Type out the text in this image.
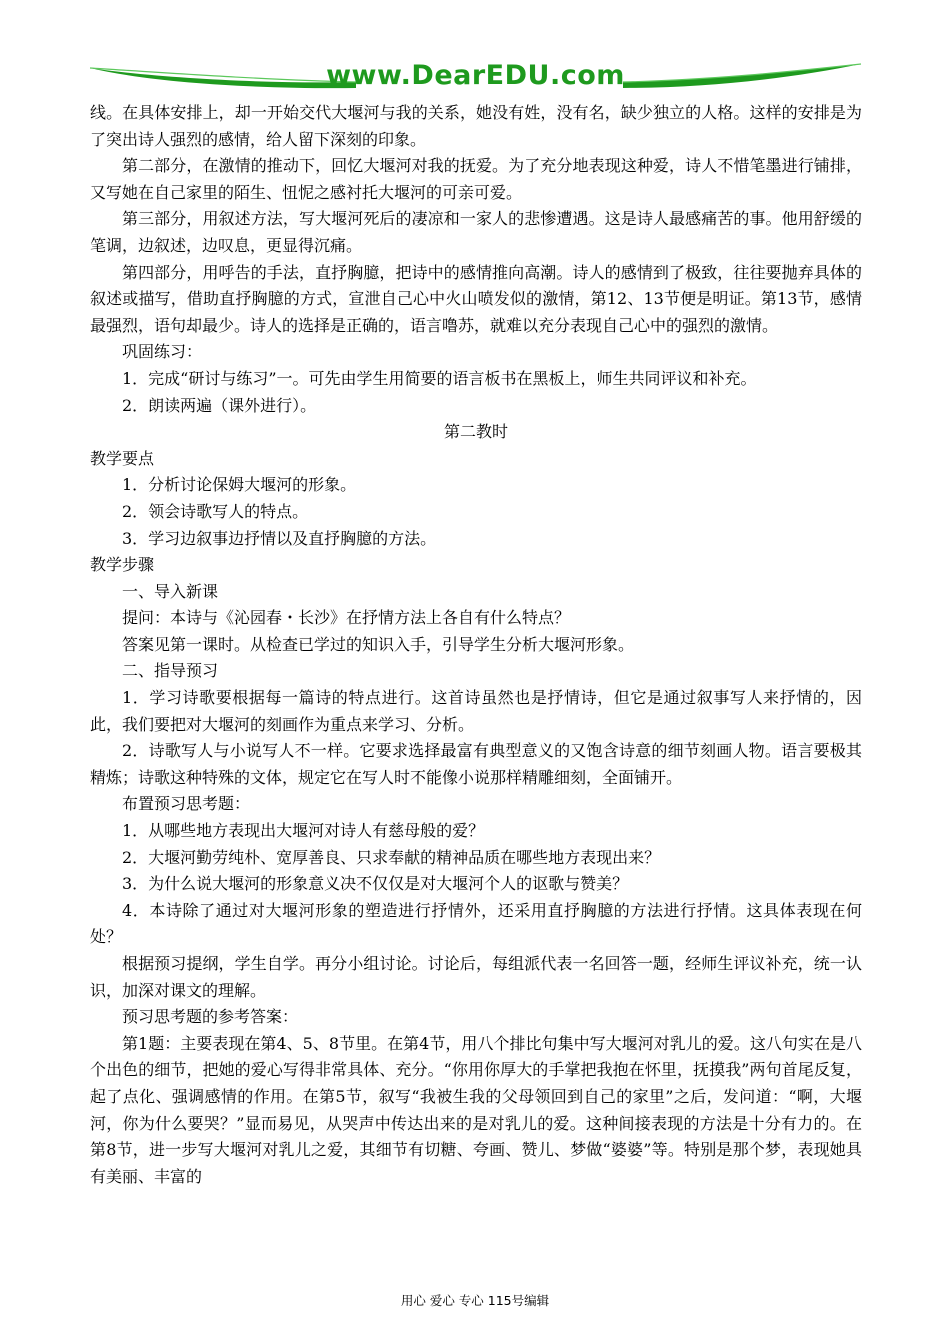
www.DearEDU.com

线。在具体安排上，却一开始交代大堰河与我的关系，她没有姓，没有名，缺少独立的人格。这样的安排是为了突出诗人强烈的感情，给人留下深刻的印象。

第二部分，在激情的推动下，回忆大堰河对我的抚爱。为了充分地表现这种爱，诗人不惜笔墨进行铺排，又写她在自己家里的陌生、忸怩之感衬托大堰河的可亲可爱。

第三部分，用叙述方法，写大堰河死后的凄凉和一家人的悲惨遭遇。这是诗人最感痛苦的事。他用舒缓的笔调，边叙述，边叹息，更显得沉痛。

第四部分，用呼告的手法，直抒胸臆，把诗中的感情推向高潮。诗人的感情到了极致，往往要抛弃具体的叙述或描写，借助直抒胸臆的方式，宣泄自己心中火山喷发似的激情，第12、13节便是明证。第13节，感情最强烈，语句却最少。诗人的选择是正确的，语言噜苏，就难以充分表现自己心中的强烈的激情。

巩固练习：

1．完成“研讨与练习”一。可先由学生用简要的语言板书在黑板上，师生共同评议和补充。

2．朗读两遍（课外进行）。

第二教时

教学要点

1．分析讨论保姆大堰河的形象。

2．领会诗歌写人的特点。

3．学习边叙事边抒情以及直抒胸臆的方法。

教学步骤

一、导入新课

提问：本诗与《沁园春・长沙》在抒情方法上各自有什么特点？

答案见第一课时。从检查已学过的知识入手，引导学生分析大堰河形象。

二、指导预习

1．学习诗歌要根据每一篇诗的特点进行。这首诗虽然也是抒情诗，但它是通过叙事写人来抒情的，因此，我们要把对大堰河的刻画作为重点来学习、分析。

2．诗歌写人与小说写人不一样。它要求选择最富有典型意义的又饱含诗意的细节刻画人物。语言要极其精炼；诗歌这种特殊的文体，规定它在写人时不能像小说那样精雕细刻，全面铺开。

布置预习思考题：

1．从哪些地方表现出大堰河对诗人有慈母般的爱？

2．大堰河勤劳纯朴、宽厚善良、只求奉献的精神品质在哪些地方表现出来？

3．为什么说大堰河的形象意义决不仅仅是对大堰河个人的讴歌与赞美？

4．本诗除了通过对大堰河形象的塑造进行抒情外，还采用直抒胸臆的方法进行抒情。这具体表现在何处？

根据预习提纲，学生自学。再分小组讨论。讨论后，每组派代表一名回答一题，经师生评议补充，统一认识，加深对课文的理解。

预习思考题的参考答案：

第1题：主要表现在第4、5、8节里。在第4节，用八个排比句集中写大堰河对乳儿的爱。这八句实在是八个出色的细节，把她的爱心写得非常具体、充分。“你用你厚大的手掌把我抱在怀里，抚摸我”两句首尾反复，起了点化、强调感情的作用。在第5节，叙写“我被生我的父母领回到自己的家里”之后，发问道：“啊，大堰河，你为什么要哭？”显而易见，从哭声中传达出来的是对乳儿的爱。这种间接表现的方法是十分有力的。在第8节，进一步写大堰河对乳儿之爱，其细节有切糖、夸画、赞儿、梦做“婆婆”等。特别是那个梦，表现她具有美丽、丰富的

用心 爱心 专心 115号编辑
